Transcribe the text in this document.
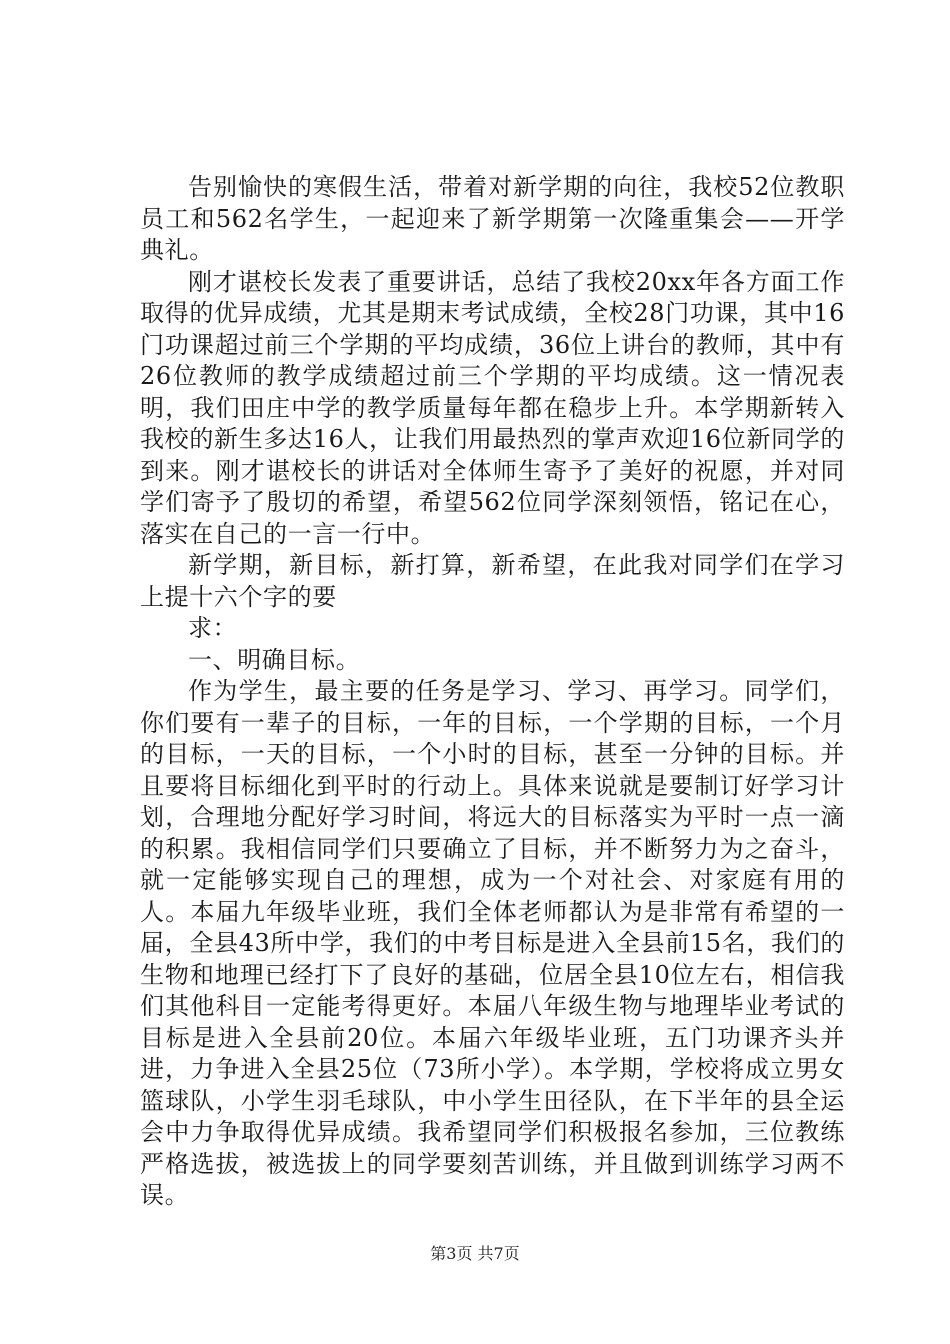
告别愉快的寒假生活，带着对新学期的向往，我校52位教职员工和562名学生，一起迎来了新学期第一次隆重集会——开学典礼。

刚才谌校长发表了重要讲话，总结了我校20xx年各方面工作取得的优异成绩，尤其是期末考试成绩，全校28门功课，其中16门功课超过前三个学期的平均成绩，36位上讲台的教师，其中有26位教师的教学成绩超过前三个学期的平均成绩。这一情况表明，我们田庄中学的教学质量每年都在稳步上升。本学期新转入我校的新生多达16人，让我们用最热烈的掌声欢迎16位新同学的到来。刚才谌校长的讲话对全体师生寄予了美好的祝愿，并对同学们寄予了殷切的希望，希望562位同学深刻领悟，铭记在心，落实在自己的一言一行中。

新学期，新目标，新打算，新希望，在此我对同学们在学习上提十六个字的要

求：

一、明确目标。

作为学生，最主要的任务是学习、学习、再学习。同学们，你们要有一辈子的目标，一年的目标，一个学期的目标，一个月的目标，一天的目标，一个小时的目标，甚至一分钟的目标。并且要将目标细化到平时的行动上。具体来说就是要制订好学习计划，合理地分配好学习时间，将远大的目标落实为平时一点一滴的积累。我相信同学们只要确立了目标，并不断努力为之奋斗，就一定能够实现自己的理想，成为一个对社会、对家庭有用的人。本届九年级毕业班，我们全体老师都认为是非常有希望的一届，全县43所中学，我们的中考目标是进入全县前15名，我们的生物和地理已经打下了良好的基础，位居全县10位左右，相信我们其他科目一定能考得更好。本届八年级生物与地理毕业考试的目标是进入全县前20位。本届六年级毕业班，五门功课齐头并进，力争进入全县25位（73所小学）。本学期，学校将成立男女篮球队，小学生羽毛球队，中小学生田径队，在下半年的县全运会中力争取得优异成绩。我希望同学们积极报名参加，三位教练严格选拔，被选拔上的同学要刻苦训练，并且做到训练学习两不误。

第3页 共7页
